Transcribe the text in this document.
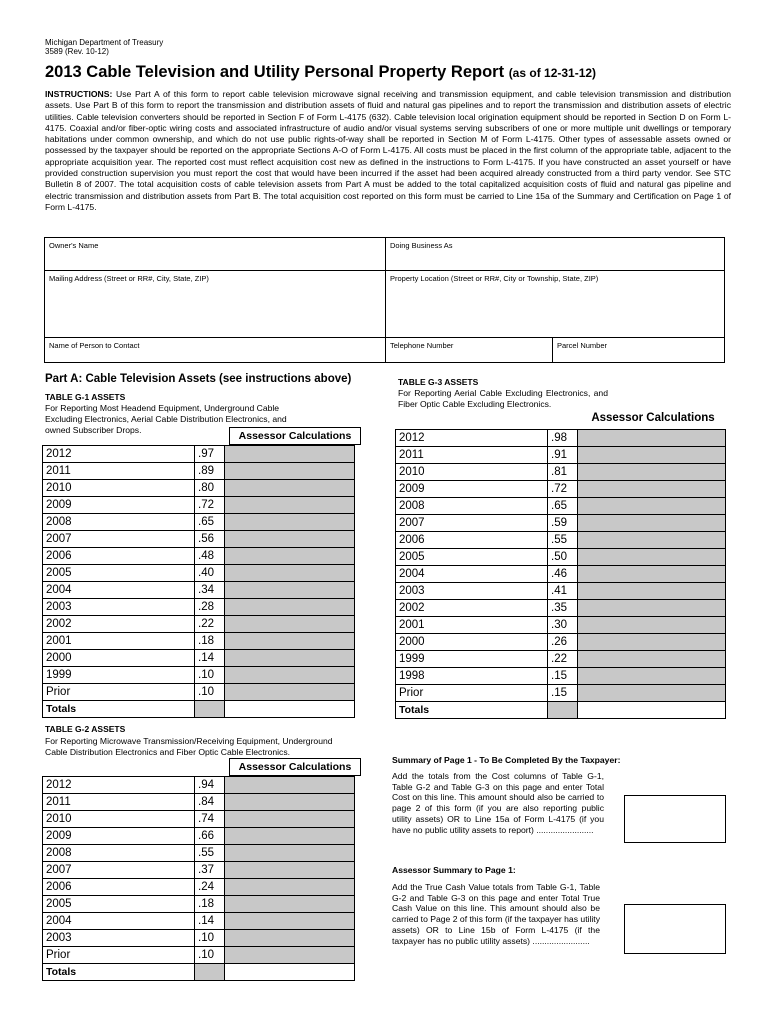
Michigan Department of Treasury
3589 (Rev. 10-12)
2013 Cable Television and Utility Personal Property Report (as of 12-31-12)
INSTRUCTIONS: Use Part A of this form to report cable television microwave signal receiving and transmission equipment, and cable television transmission and distribution assets. Use Part B of this form to report the transmission and distribution assets of fluid and natural gas pipelines and to report the transmission and distribution assets of electric utilities. Cable television converters should be reported in Section F of Form L-4175 (632). Cable television local origination equipment should be reported in Section D on Form L-4175. Coaxial and/or fiber-optic wiring costs and associated infrastructure of audio and/or visual systems serving subscribers of one or more multiple unit dwellings or temporary habitations under common ownership, and which do not use public rights-of-way shall be reported in Section M of Form L-4175. Other types of assessable assets owned or possessed by the taxpayer should be reported on the appropriate Sections A-O of Form L-4175. All costs must be placed in the first column of the appropriate table, adjacent to the appropriate acquisition year. The reported cost must reflect acquisition cost new as defined in the instructions to Form L-4175. If you have constructed an asset yourself or have provided construction supervision you must report the cost that would have been incurred if the asset had been acquired already constructed from a third party vendor. See STC Bulletin 8 of 2007. The total acquisition costs of cable television assets from Part A must be added to the total capitalized acquisition costs of fluid and natural gas pipeline and electric transmission and distribution assets from Part B. The total acquisition cost reported on this form must be carried to Line 15a of the Summary and Certification on Page 1 of Form L-4175.
Owner's Name	Doing Business As
Mailing Address (Street or RR#, City, State, ZIP)	Property Location (Street or RR#, City or Township, State, ZIP)
Name of Person to Contact	Telephone Number	Parcel Number
Part A: Cable Television Assets (see instructions above)
TABLE G-1 ASSETS
For Reporting Most Headend Equipment, Underground Cable Excluding Electronics, Aerial Cable Distribution Electronics, and owned Subscriber Drops.	Assessor Calculations
2012	.97	
2011	.89	
2010	.80	
2009	.72	
2008	.65	
2007	.56	
2006	.48	
2005	.40	
2004	.34	
2003	.28	
2002	.22	
2001	.18	
2000	.14	
1999	.10	
Prior	.10	
Totals		
TABLE G-3 ASSETS
For Reporting Aerial Cable Excluding Electronics, and Fiber Optic Cable Excluding Electronics.
Assessor Calculations
2012	.98	
2011	.91	
2010	.81	
2009	.72	
2008	.65	
2007	.59	
2006	.55	
2005	.50	
2004	.46	
2003	.41	
2002	.35	
2001	.30	
2000	.26	
1999	.22	
1998	.15	
Prior	.15	
Totals		
TABLE G-2 ASSETS
For Reporting Microwave Transmission/Receiving Equipment, Underground Cable Distribution Electronics and Fiber Optic Cable Electronics.
Assessor Calculations
2012	.94	
2011	.84	
2010	.74	
2009	.66	
2008	.55	
2007	.37	
2006	.24	
2005	.18	
2004	.14	
2003	.10	
Prior	.10	
Totals		
Summary of Page 1 - To Be Completed By the Taxpayer:
Add the totals from the Cost columns of Table G-1, Table G-2 and Table G-3 on this page and enter Total Cost on this line. This amount should also be carried to page 2 of this form (if you are also reporting public utility assets) OR to Line 15a of Form L-4175 (if you have no public utility assets to report) ........................
Assessor Summary to Page 1:
Add the True Cash Value totals from Table G-1, Table G-2 and Table G-3 on this page and enter Total True Cash Value on this line. This amount should also be carried to Page 2 of this form (if the taxpayer has utility assets) OR to Line 15b of Form L-4175 (if the taxpayer has no public utility assets) ........................
